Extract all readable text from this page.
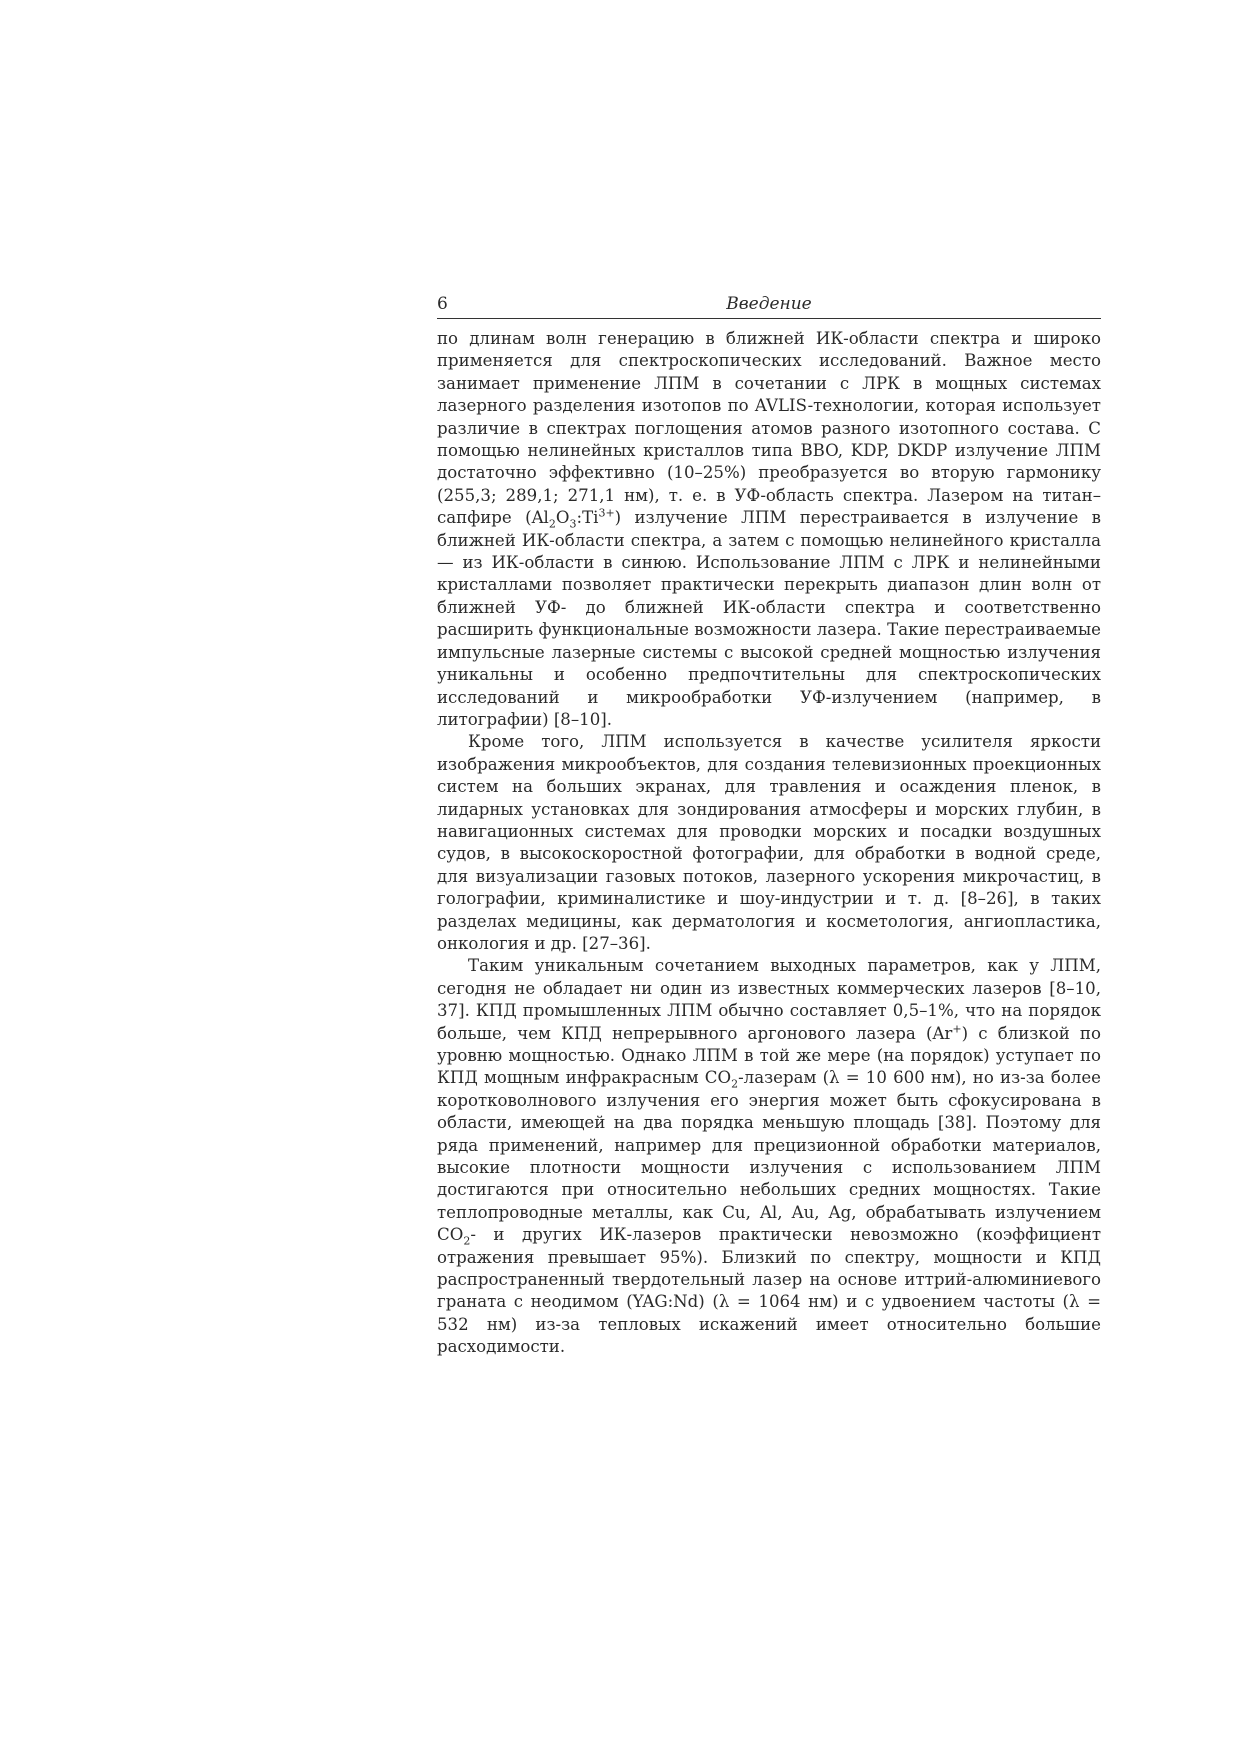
6	Введение

по длинам волн генерацию в ближней ИК-области спектра и широко применяется для спектроскопических исследований. Важное место занимает применение ЛПМ в сочетании с ЛРК в мощных системах лазерного разделения изотопов по AVLIS-технологии, которая использует различие в спектрах поглощения атомов разного изотопного состава. С помощью нелинейных кристаллов типа BBO, KDP, DKDP излучение ЛПМ достаточно эффективно (10–25%) преобразуется во вторую гармонику (255,3; 289,1; 271,1 нм), т. е. в УФ-область спектра. Лазером на титан–сапфире $(Al_2O_3:Ti^{3+})$ излучение ЛПМ перестраивается в излучение в ближней ИК-области спектра, а затем с помощью нелинейного кристалла — из ИК-области в синюю. Использование ЛПМ с ЛРК и нелинейными кристаллами позволяет практически перекрыть диапазон длин волн от ближней УФ- до ближней ИК-области спектра и соответственно расширить функциональные возможности лазера. Такие перестраиваемые импульсные лазерные системы с высокой средней мощностью излучения уникальны и особенно предпочтительны для спектроскопических исследований и микрообработки УФ-излучением (например, в литографии) [8–10].

Кроме того, ЛПМ используется в качестве усилителя яркости изображения микрообъектов, для создания телевизионных проекционных систем на больших экранах, для травления и осаждения пленок, в лидарных установках для зондирования атмосферы и морских глубин, в навигационных системах для проводки морских и посадки воздушных судов, в высокоскоростной фотографии, для обработки в водной среде, для визуализации газовых потоков, лазерного ускорения микрочастиц, в голографии, криминалистике и шоу-индустрии и т. д. [8–26], в таких разделах медицины, как дерматология и косметология, ангиопластика, онкология и др. [27–36].

Таким уникальным сочетанием выходных параметров, как у ЛПМ, сегодня не обладает ни один из известных коммерческих лазеров [8–10, 37]. КПД промышленных ЛПМ обычно составляет 0,5–1%, что на порядок больше, чем КПД непрерывного аргонового лазера (Ar+) с близкой по уровню мощностью. Однако ЛПМ в той же мере (на порядок) уступает по КПД мощным инфракрасным $CO_2$-лазерам (λ = 10 600 нм), но из-за более коротковолнового излучения его энергия может быть сфокусирована в области, имеющей на два порядка меньшую площадь [38]. Поэтому для ряда применений, например для прецизионной обработки материалов, высокие плотности мощности излучения с использованием ЛПМ достигаются при относительно небольших средних мощностях. Такие теплопроводные металлы, как Cu, Al, Au, Ag, обрабатывать излучением $CO_2-$ и других ИК-лазеров практически невозможно (коэффициент отражения превышает 95%). Близкий по спектру, мощности и КПД распространенный твердотельный лазер на основе иттрий-алюминиевого граната с неодимом (YAG:Nd) (λ = 1064 нм) и с удвоением частоты (λ = 532 нм) из-за тепловых искажений имеет относительно большие расходимости.
